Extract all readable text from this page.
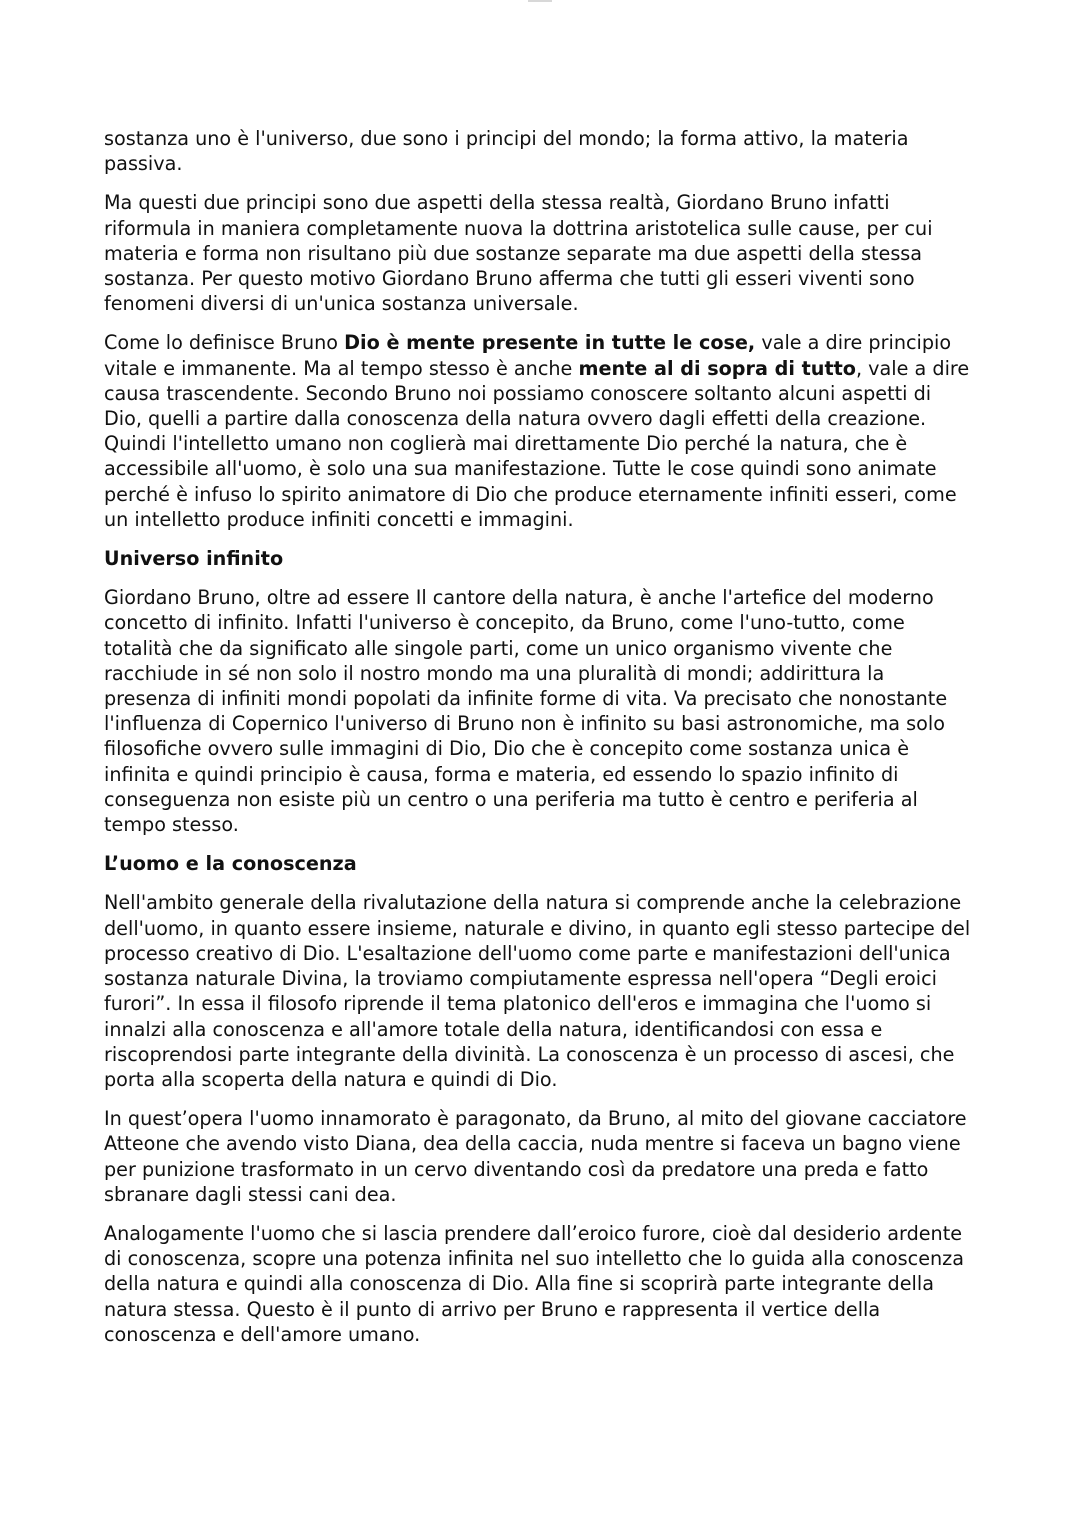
sostanza uno è l'universo, due sono i principi del mondo; la forma attivo, la materia passiva.

Ma questi due principi sono due aspetti della stessa realtà, Giordano Bruno infatti riformula in maniera completamente nuova la dottrina aristotelica sulle cause, per cui materia e forma non risultano più due sostanze separate ma due aspetti della stessa sostanza. Per questo motivo Giordano Bruno afferma che tutti gli esseri viventi sono fenomeni diversi di un'unica sostanza universale.

Come lo definisce Bruno Dio è mente presente in tutte le cose, vale a dire principio vitale e immanente. Ma al tempo stesso è anche mente al di sopra di tutto, vale a dire causa trascendente. Secondo Bruno noi possiamo conoscere soltanto alcuni aspetti di Dio, quelli a partire dalla conoscenza della natura ovvero dagli effetti della creazione. Quindi l'intelletto umano non coglierà mai direttamente Dio perché la natura, che è accessibile all'uomo, è solo una sua manifestazione. Tutte le cose quindi sono animate perché è infuso lo spirito animatore di Dio che produce eternamente infiniti esseri, come un intelletto produce infiniti concetti e immagini.

Universo infinito

Giordano Bruno, oltre ad essere Il cantore della natura, è anche l'artefice del moderno concetto di infinito. Infatti l'universo è concepito, da Bruno, come l'uno-tutto, come totalità che da significato alle singole parti, come un unico organismo vivente che racchiude in sé non solo il nostro mondo ma una pluralità di mondi; addirittura la presenza di infiniti mondi popolati da infinite forme di vita. Va precisato che nonostante l'influenza di Copernico l'universo di Bruno non è infinito su basi astronomiche, ma solo filosofiche ovvero sulle immagini di Dio, Dio che è concepito come sostanza unica è infinita e quindi principio è causa, forma e materia, ed essendo lo spazio infinito di conseguenza non esiste più un centro o una periferia ma tutto è centro e periferia al tempo stesso.

L’uomo e la conoscenza

Nell'ambito generale della rivalutazione della natura si comprende anche la celebrazione dell'uomo, in quanto essere insieme, naturale e divino, in quanto egli stesso partecipe del processo creativo di Dio. L'esaltazione dell'uomo come parte e manifestazioni dell'unica sostanza naturale Divina, la troviamo compiutamente espressa nell'opera “Degli eroici furori”. In essa il filosofo riprende il tema platonico dell'eros e immagina che l'uomo si innalzi alla conoscenza e all'amore totale della natura, identificandosi con essa e riscoprendosi parte integrante della divinità. La conoscenza è un processo di ascesi, che porta alla scoperta della natura e quindi di Dio.

In quest’opera l'uomo innamorato è paragonato, da Bruno, al mito del giovane cacciatore Atteone che avendo visto Diana, dea della caccia, nuda mentre si faceva un bagno viene per punizione trasformato in un cervo diventando così da predatore una preda e fatto sbranare dagli stessi cani dea.

Analogamente l'uomo che si lascia prendere dall’eroico furore, cioè dal desiderio ardente di conoscenza, scopre una potenza infinita nel suo intelletto che lo guida alla conoscenza della natura e quindi alla conoscenza di Dio. Alla fine si scoprirà parte integrante della natura stessa. Questo è il punto di arrivo per Bruno e rappresenta il vertice della conoscenza e dell'amore umano.
